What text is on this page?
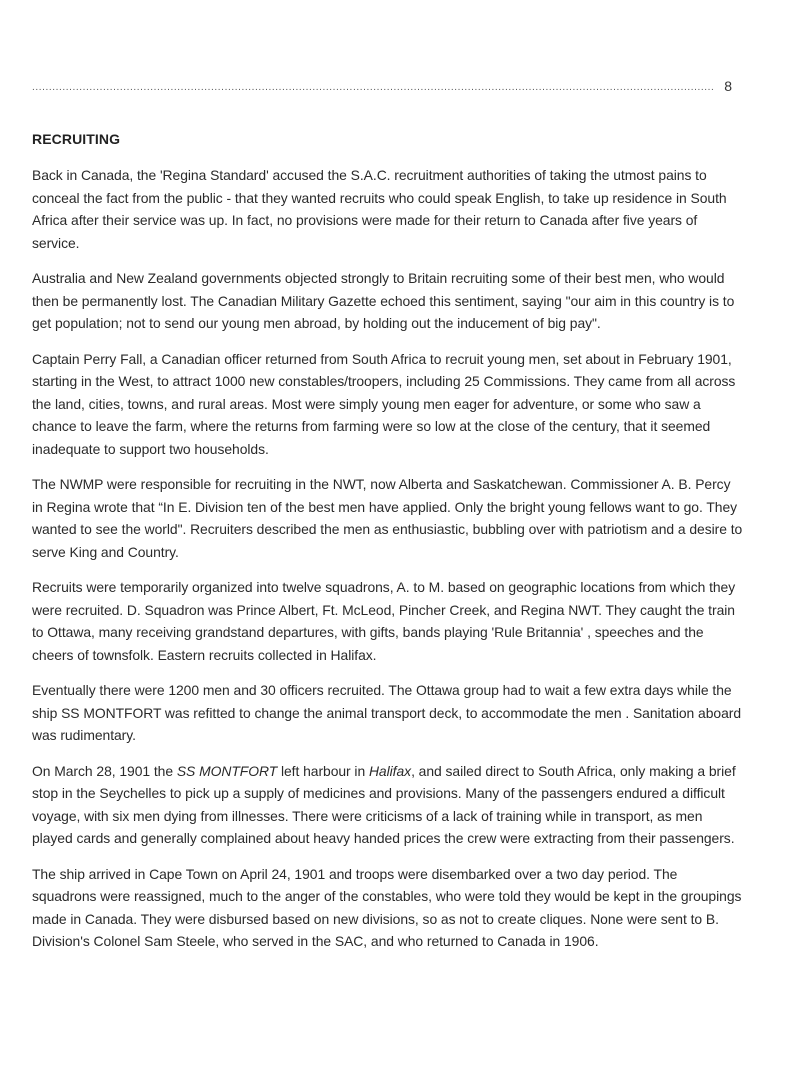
.......................................................................................................................................................................................................... 8
RECRUITING

Back in Canada, the 'Regina Standard' accused the S.A.C. recruitment authorities of taking the utmost pains to conceal the fact from the public - that they wanted recruits who could speak English, to take up residence in South Africa after their service was up. In fact, no provisions were made for their return to Canada after five years of service.

Australia and New Zealand governments objected strongly to Britain recruiting some of their best men, who would then be permanently lost. The Canadian Military Gazette echoed this sentiment, saying "our aim in this country is to get population; not to send our young men abroad, by holding out the inducement of big pay".

Captain Perry Fall, a Canadian officer returned from South Africa to recruit young men, set about in February 1901, starting in the West, to attract 1000 new constables/troopers, including 25 Commissions. They came from all across the land, cities, towns, and rural areas. Most were simply young men eager for adventure, or some who saw a chance to leave the farm, where the returns from farming were so low at the close of the century, that it seemed inadequate to support two households.

The NWMP were responsible for recruiting in the NWT, now Alberta and Saskatchewan. Commissioner A. B. Percy in Regina wrote that “In E. Division ten of the best men have applied. Only the bright young fellows want to go. They wanted to see the world". Recruiters described the men as enthusiastic, bubbling over with patriotism and a desire to serve King and Country.

Recruits were temporarily organized into twelve squadrons, A. to M. based on geographic locations from which they were recruited. D. Squadron was Prince Albert, Ft. McLeod, Pincher Creek, and Regina NWT. They caught the train to Ottawa, many receiving grandstand departures, with gifts, bands playing 'Rule Britannia' , speeches and the cheers of townsfolk. Eastern recruits collected in Halifax.

Eventually there were 1200 men and 30 officers recruited. The Ottawa group had to wait a few extra days while the ship SS MONTFORT was refitted to change the animal transport deck, to accommodate the men . Sanitation aboard was rudimentary.

On March 28, 1901 the SS MONTFORT left harbour in Halifax, and sailed direct to South Africa, only making a brief stop in the Seychelles to pick up a supply of medicines and provisions. Many of the passengers endured a difficult voyage, with six men dying from illnesses. There were criticisms of a lack of training while in transport, as men played cards and generally complained about heavy handed prices the crew were extracting from their passengers.

The ship arrived in Cape Town on April 24, 1901 and troops were disembarked over a two day period. The squadrons were reassigned, much to the anger of the constables, who were told they would be kept in the groupings made in Canada. They were disbursed based on new divisions, so as not to create cliques. None were sent to B. Division's Colonel Sam Steele, who served in the SAC, and who returned to Canada in 1906.
